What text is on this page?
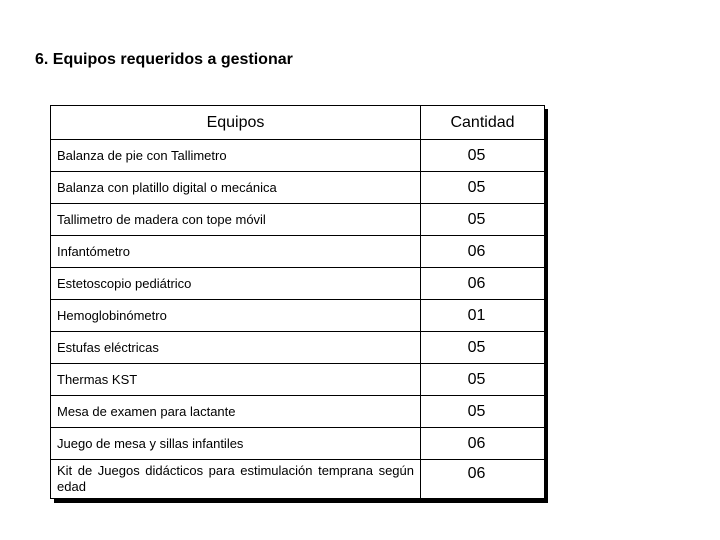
6. Equipos requeridos a gestionar
Equipos	Cantidad
Balanza de pie con Tallimetro	05
Balanza con platillo digital o mecánica	05
Tallimetro de madera con tope móvil	05
Infantómetro	06
Estetoscopio pediátrico	06
Hemoglobinómetro	01
Estufas eléctricas	05
Thermas KST	05
Mesa de examen para lactante	05
Juego de mesa y sillas infantiles	06
Kit de Juegos didácticos para estimulación temprana según edad	06
